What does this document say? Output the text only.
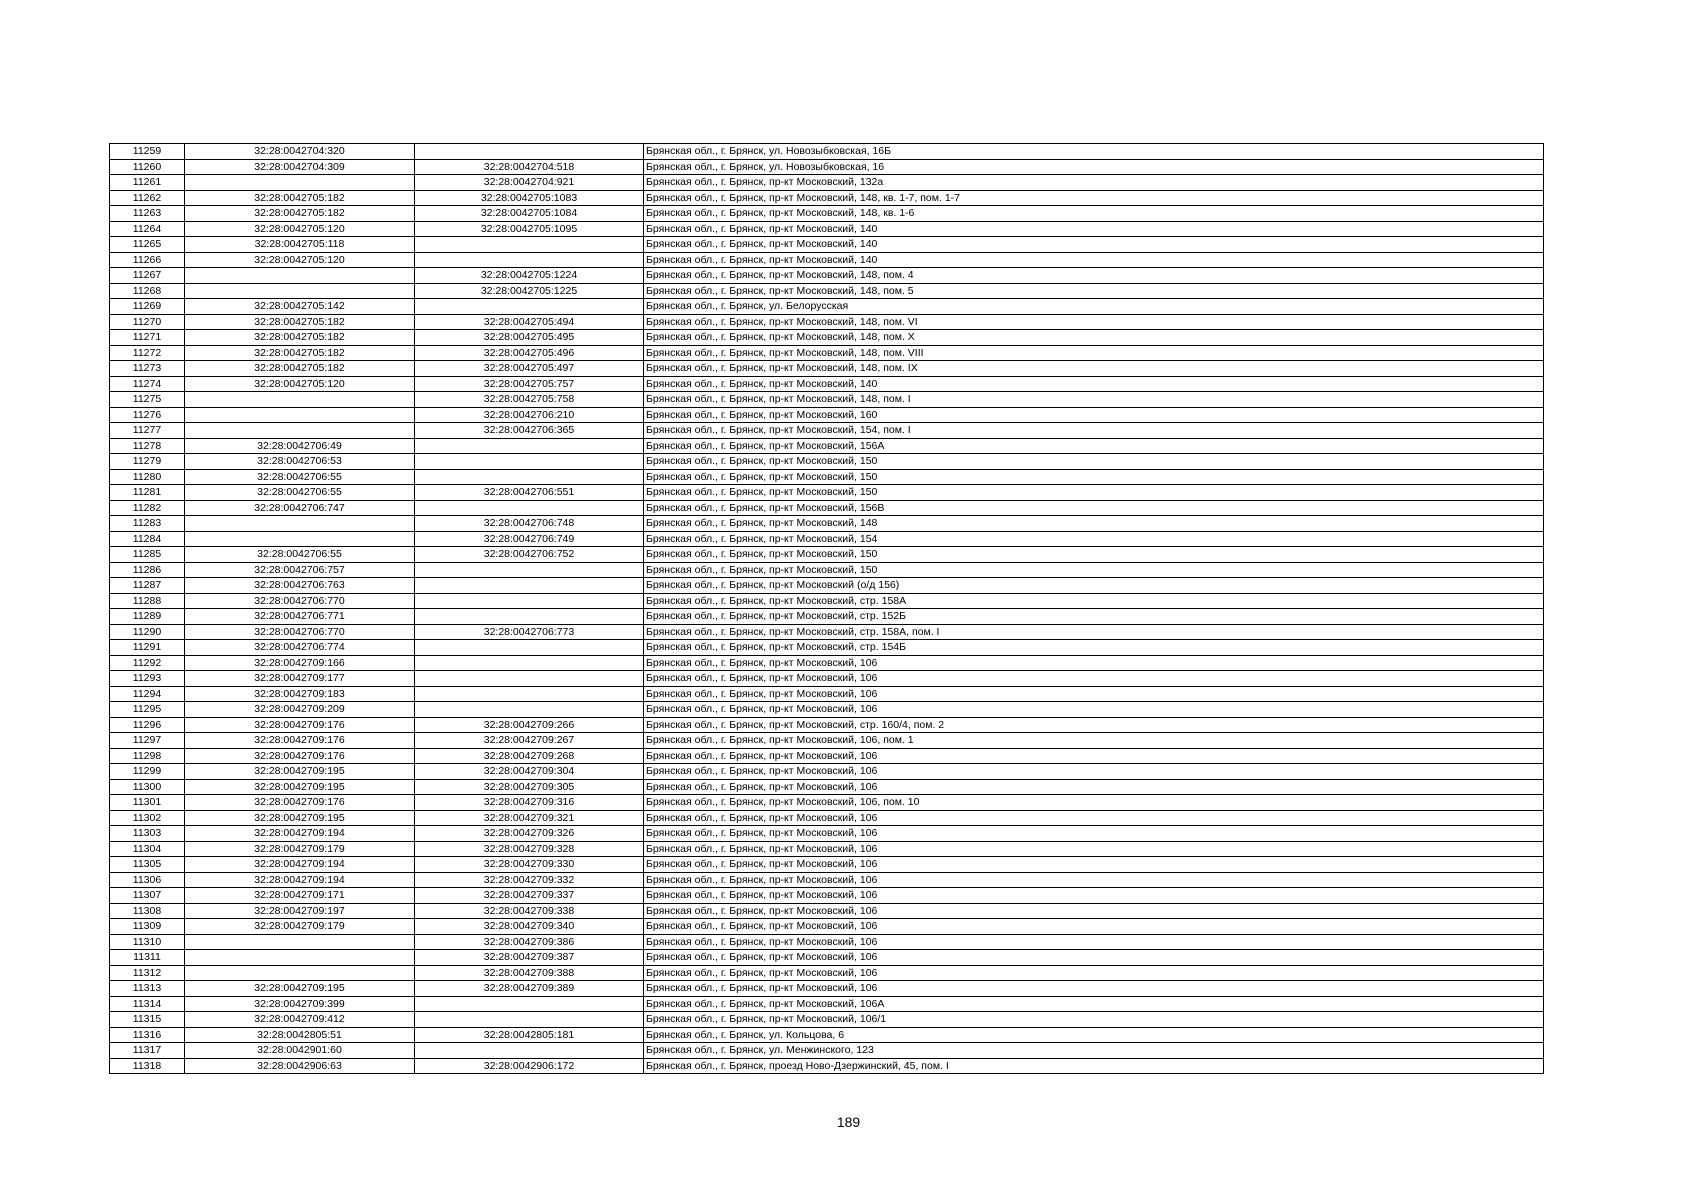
11259	32:28:0042704:320		Брянская обл., г. Брянск, ул. Новозыбковская, 16Б
11260	32:28:0042704:309	32:28:0042704:518	Брянская обл., г. Брянск, ул. Новозыбковская, 16
11261		32:28:0042704:921	Брянская обл., г. Брянск, пр-кт Московский, 132а
11262	32:28:0042705:182	32:28:0042705:1083	Брянская обл., г. Брянск, пр-кт Московский, 148, кв. 1-7, пом. 1-7
11263	32:28:0042705:182	32:28:0042705:1084	Брянская обл., г. Брянск, пр-кт Московский, 148, кв. 1-6
11264	32:28:0042705:120	32:28:0042705:1095	Брянская обл., г. Брянск, пр-кт Московский, 140
11265	32:28:0042705:118		Брянская обл., г. Брянск, пр-кт Московский, 140
11266	32:28:0042705:120		Брянская обл., г. Брянск, пр-кт Московский, 140
11267		32:28:0042705:1224	Брянская обл., г. Брянск, пр-кт Московский, 148, пом. 4
11268		32:28:0042705:1225	Брянская обл., г. Брянск, пр-кт Московский, 148, пом. 5
11269	32:28:0042705:142		Брянская обл., г. Брянск, ул. Белорусская
11270	32:28:0042705:182	32:28:0042705:494	Брянская обл., г. Брянск, пр-кт Московский, 148, пом. VI
11271	32:28:0042705:182	32:28:0042705:495	Брянская обл., г. Брянск, пр-кт Московский, 148, пом. X
11272	32:28:0042705:182	32:28:0042705:496	Брянская обл., г. Брянск, пр-кт Московский, 148, пом. VIII
11273	32:28:0042705:182	32:28:0042705:497	Брянская обл., г. Брянск, пр-кт Московский, 148, пом. IX
11274	32:28:0042705:120	32:28:0042705:757	Брянская обл., г. Брянск, пр-кт Московский, 140
11275		32:28:0042705:758	Брянская обл., г. Брянск, пр-кт Московский, 148, пом. I
11276		32:28:0042706:210	Брянская обл., г. Брянск, пр-кт Московский, 160
11277		32:28:0042706:365	Брянская обл., г. Брянск, пр-кт Московский, 154, пом. I
11278	32:28:0042706:49		Брянская обл., г. Брянск, пр-кт Московский, 156А
11279	32:28:0042706:53		Брянская обл., г. Брянск, пр-кт Московский, 150
11280	32:28:0042706:55		Брянская обл., г. Брянск, пр-кт Московский, 150
11281	32:28:0042706:55	32:28:0042706:551	Брянская обл., г. Брянск, пр-кт Московский, 150
11282	32:28:0042706:747		Брянская обл., г. Брянск, пр-кт Московский, 156В
11283		32:28:0042706:748	Брянская обл., г. Брянск, пр-кт Московский, 148
11284		32:28:0042706:749	Брянская обл., г. Брянск, пр-кт Московский, 154
11285	32:28:0042706:55	32:28:0042706:752	Брянская обл., г. Брянск, пр-кт Московский, 150
11286	32:28:0042706:757		Брянская обл., г. Брянск, пр-кт Московский, 150
11287	32:28:0042706:763		Брянская обл., г. Брянск, пр-кт Московский (о/д 156)
11288	32:28:0042706:770		Брянская обл., г. Брянск, пр-кт Московский, стр. 158А
11289	32:28:0042706:771		Брянская обл., г. Брянск, пр-кт Московский, стр. 152Б
11290	32:28:0042706:770	32:28:0042706:773	Брянская обл., г. Брянск, пр-кт Московский, стр. 158А, пом. I
11291	32:28:0042706:774		Брянская обл., г. Брянск, пр-кт Московский, стр. 154Б
11292	32:28:0042709:166		Брянская обл., г. Брянск, пр-кт Московский, 106
11293	32:28:0042709:177		Брянская обл., г. Брянск, пр-кт Московский, 106
11294	32:28:0042709:183		Брянская обл., г. Брянск, пр-кт Московский, 106
11295	32:28:0042709:209		Брянская обл., г. Брянск, пр-кт Московский, 106
11296	32:28:0042709:176	32:28:0042709:266	Брянская обл., г. Брянск, пр-кт Московский, стр. 160/4, пом. 2
11297	32:28:0042709:176	32:28:0042709:267	Брянская обл., г. Брянск, пр-кт Московский, 106, пом. 1
11298	32:28:0042709:176	32:28:0042709:268	Брянская обл., г. Брянск, пр-кт Московский, 106
11299	32:28:0042709:195	32:28:0042709:304	Брянская обл., г. Брянск, пр-кт Московский, 106
11300	32:28:0042709:195	32:28:0042709:305	Брянская обл., г. Брянск, пр-кт Московский, 106
11301	32:28:0042709:176	32:28:0042709:316	Брянская обл., г. Брянск, пр-кт Московский, 106, пом. 10
11302	32:28:0042709:195	32:28:0042709:321	Брянская обл., г. Брянск, пр-кт Московский, 106
11303	32:28:0042709:194	32:28:0042709:326	Брянская обл., г. Брянск, пр-кт Московский, 106
11304	32:28:0042709:179	32:28:0042709:328	Брянская обл., г. Брянск, пр-кт Московский, 106
11305	32:28:0042709:194	32:28:0042709:330	Брянская обл., г. Брянск, пр-кт Московский, 106
11306	32:28:0042709:194	32:28:0042709:332	Брянская обл., г. Брянск, пр-кт Московский, 106
11307	32:28:0042709:171	32:28:0042709:337	Брянская обл., г. Брянск, пр-кт Московский, 106
11308	32:28:0042709:197	32:28:0042709:338	Брянская обл., г. Брянск, пр-кт Московский, 106
11309	32:28:0042709:179	32:28:0042709:340	Брянская обл., г. Брянск, пр-кт Московский, 106
11310		32:28:0042709:386	Брянская обл., г. Брянск, пр-кт Московский, 106
11311		32:28:0042709:387	Брянская обл., г. Брянск, пр-кт Московский, 106
11312		32:28:0042709:388	Брянская обл., г. Брянск, пр-кт Московский, 106
11313	32:28:0042709:195	32:28:0042709:389	Брянская обл., г. Брянск, пр-кт Московский, 106
11314	32:28:0042709:399		Брянская обл., г. Брянск, пр-кт Московский, 106А
11315	32:28:0042709:412		Брянская обл., г. Брянск, пр-кт Московский, 106/1
11316	32:28:0042805:51	32:28:0042805:181	Брянская обл., г. Брянск, ул. Кольцова, 6
11317	32:28:0042901:60		Брянская обл., г. Брянск, ул. Менжинского, 123
11318	32:28:0042906:63	32:28:0042906:172	Брянская обл., г. Брянск, проезд Ново-Дзержинский, 45, пом. I
189
